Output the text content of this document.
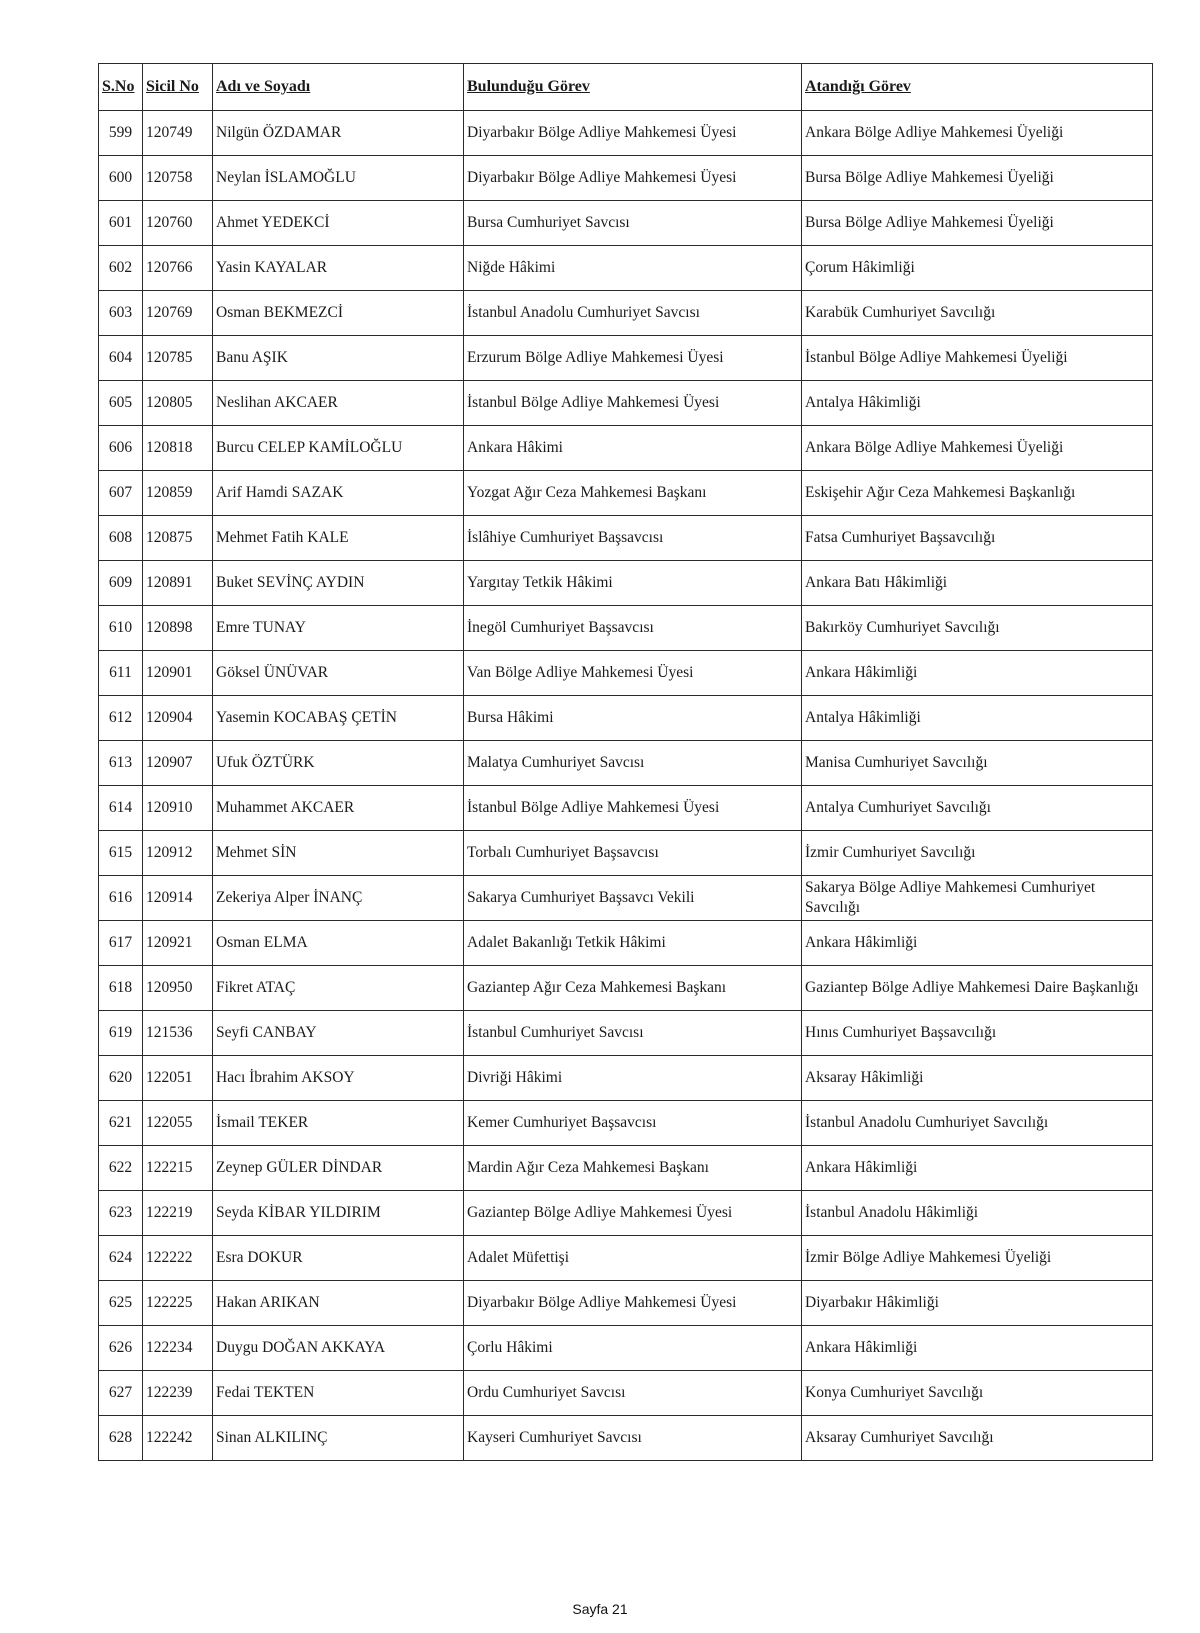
S.No	Sicil No	Adı ve Soyadı	Bulunduğu Görev	Atandığı Görev
599	120749	Nilgün ÖZDAMAR	Diyarbakır Bölge Adliye Mahkemesi Üyesi	Ankara Bölge Adliye Mahkemesi Üyeliği
600	120758	Neylan İSLAMOĞLU	Diyarbakır Bölge Adliye Mahkemesi Üyesi	Bursa Bölge Adliye Mahkemesi Üyeliği
601	120760	Ahmet YEDEKCİ	Bursa Cumhuriyet Savcısı	Bursa Bölge Adliye Mahkemesi Üyeliği
602	120766	Yasin KAYALAR	Niğde Hâkimi	Çorum Hâkimliği
603	120769	Osman BEKMEZCİ	İstanbul Anadolu Cumhuriyet Savcısı	Karabük Cumhuriyet Savcılığı
604	120785	Banu AŞIK	Erzurum Bölge Adliye Mahkemesi Üyesi	İstanbul Bölge Adliye Mahkemesi Üyeliği
605	120805	Neslihan AKCAER	İstanbul Bölge Adliye Mahkemesi Üyesi	Antalya Hâkimliği
606	120818	Burcu CELEP KAMİLOĞLU	Ankara Hâkimi	Ankara Bölge Adliye Mahkemesi Üyeliği
607	120859	Arif Hamdi SAZAK	Yozgat Ağır Ceza Mahkemesi Başkanı	Eskişehir Ağır Ceza Mahkemesi Başkanlığı
608	120875	Mehmet Fatih KALE	İslâhiye Cumhuriyet Başsavcısı	Fatsa Cumhuriyet Başsavcılığı
609	120891	Buket SEVİNÇ AYDIN	Yargıtay Tetkik Hâkimi	Ankara Batı Hâkimliği
610	120898	Emre TUNAY	İnegöl Cumhuriyet Başsavcısı	Bakırköy Cumhuriyet Savcılığı
611	120901	Göksel ÜNÜVAR	Van Bölge Adliye Mahkemesi Üyesi	Ankara Hâkimliği
612	120904	Yasemin KOCABAŞ ÇETİN	Bursa Hâkimi	Antalya Hâkimliği
613	120907	Ufuk ÖZTÜRK	Malatya Cumhuriyet Savcısı	Manisa Cumhuriyet Savcılığı
614	120910	Muhammet AKCAER	İstanbul Bölge Adliye Mahkemesi Üyesi	Antalya Cumhuriyet Savcılığı
615	120912	Mehmet SİN	Torbalı Cumhuriyet Başsavcısı	İzmir Cumhuriyet Savcılığı
616	120914	Zekeriya Alper İNANÇ	Sakarya Cumhuriyet Başsavcı Vekili	Sakarya Bölge Adliye Mahkemesi Cumhuriyet Savcılığı
617	120921	Osman ELMA	Adalet Bakanlığı Tetkik Hâkimi	Ankara Hâkimliği
618	120950	Fikret ATAÇ	Gaziantep Ağır Ceza Mahkemesi Başkanı	Gaziantep Bölge Adliye Mahkemesi Daire Başkanlığı
619	121536	Seyfi CANBAY	İstanbul Cumhuriyet Savcısı	Hınıs Cumhuriyet Başsavcılığı
620	122051	Hacı İbrahim AKSOY	Divriği Hâkimi	Aksaray Hâkimliği
621	122055	İsmail TEKER	Kemer Cumhuriyet Başsavcısı	İstanbul Anadolu Cumhuriyet Savcılığı
622	122215	Zeynep GÜLER DİNDAR	Mardin Ağır Ceza Mahkemesi Başkanı	Ankara Hâkimliği
623	122219	Seyda KİBAR YILDIRIM	Gaziantep Bölge Adliye Mahkemesi Üyesi	İstanbul Anadolu Hâkimliği
624	122222	Esra DOKUR	Adalet Müfettişi	İzmir Bölge Adliye Mahkemesi Üyeliği
625	122225	Hakan ARIKAN	Diyarbakır Bölge Adliye Mahkemesi Üyesi	Diyarbakır Hâkimliği
626	122234	Duygu DOĞAN AKKAYA	Çorlu Hâkimi	Ankara Hâkimliği
627	122239	Fedai TEKTEN	Ordu Cumhuriyet Savcısı	Konya Cumhuriyet Savcılığı
628	122242	Sinan ALKILINÇ	Kayseri Cumhuriyet Savcısı	Aksaray Cumhuriyet Savcılığı
Sayfa 21
